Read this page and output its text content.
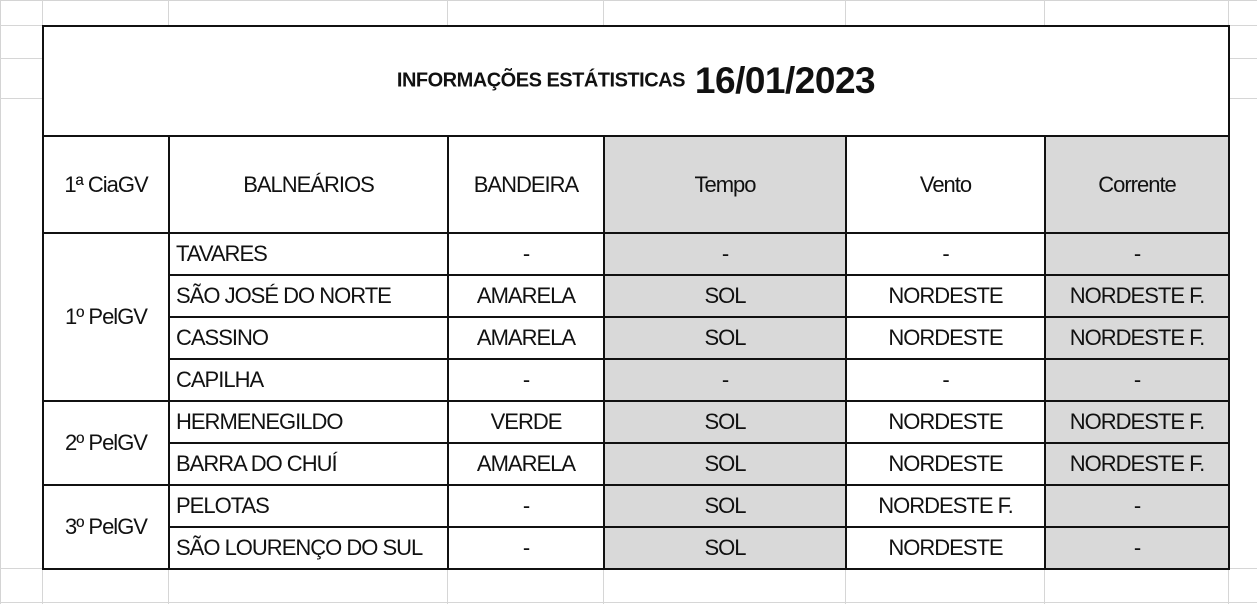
INFORMAÇÕES ESTÁTISTICAS 16/01/2023					
1ª CiaGV	BALNEÁRIOS	BANDEIRA	Tempo	Vento	Corrente
1º PelGV	TAVARES	-	-	-	-
	SÃO JOSÉ DO NORTE	AMARELA	SOL	NORDESTE	NORDESTE F.
	CASSINO	AMARELA	SOL	NORDESTE	NORDESTE F.
	CAPILHA	-	-	-	-
2º PelGV	HERMENEGILDO	VERDE	SOL	NORDESTE	NORDESTE F.
	BARRA DO CHUÍ	AMARELA	SOL	NORDESTE	NORDESTE F.
3º PelGV	PELOTAS	-	SOL	NORDESTE F.	-
	SÃO LOURENÇO DO SUL	-	SOL	NORDESTE	-
